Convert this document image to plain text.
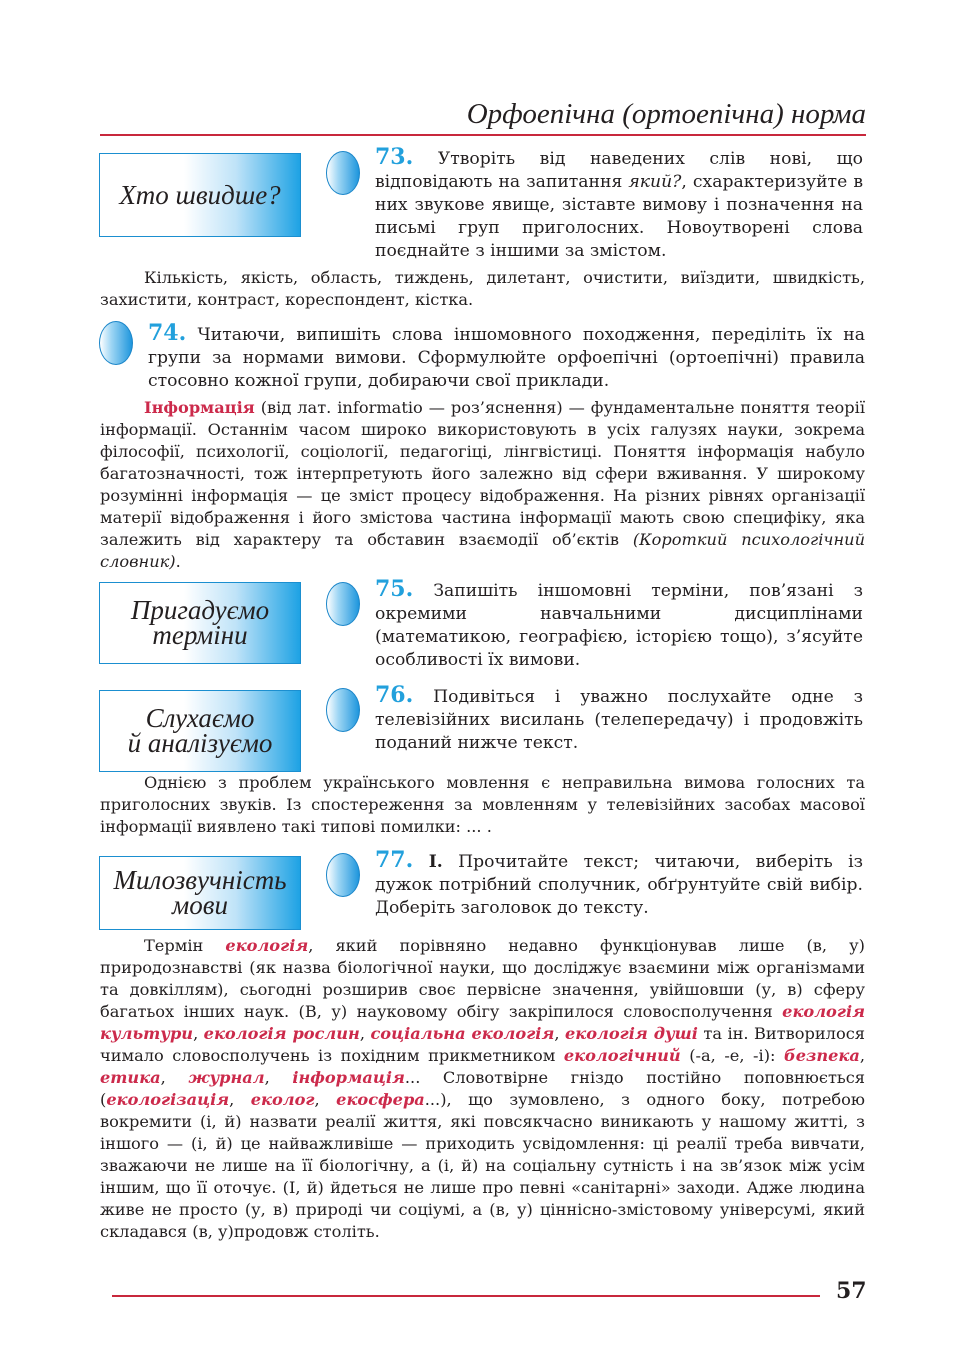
Орфоепічна (ортоепічна) норма
Хто швидше?
73. Утворіть від наведених слів нові, що відповідають на запитання який?, схарактеризуйте в них звукове явище, зіставте вимову і позначення на письмі груп приголосних. Новоутворені слова поєднайте з іншими за змістом.

Кількість, якість, область, тиждень, дилетант, очистити, виїздити, швидкість, захистити, контраст, кореспондент, кістка.

74. Читаючи, випишіть слова іншомовного походження, переділіть їх на групи за нормами вимови. Сформулюйте орфоепічні (ортоепічні) правила стосовно кожної групи, добираючи свої приклади.

Інформація (від лат. informatio — роз’яснення) — фундаментальне поняття теорії інформації. Останнім часом широко використовують в усіх галузях науки, зокрема філософії, психології, соціології, педагогіці, лінгвістиці. Поняття інформація набуло багатозначності, тож інтерпретують його залежно від сфери вживання. У широкому розумінні інформація — це зміст процесу відображення. На різних рівнях організації матерії відображення і його змістова частина інформації мають свою специфіку, яка залежить від характеру та обставин взаємодії об’єктів (Короткий психологічний словник).

Пригадуємо
терміни
75. Запишіть іншомовні терміни, пов’язані з окремими навчальними дисциплінами (математикою, географією, історією тощо), з’ясуйте особливості їх вимови.
Слухаємо
й аналізуємо
76. Подивіться і уважно послухайте одне з телевізійних висилань (телепередачу) і продовжіть поданий нижче текст.

Однією з проблем українського мовлення є неправильна вимова голосних та приголосних звуків. Із спостереження за мовленням у телевізійних засобах масової інформації виявлено такі типові помилки: ... .

Милозвучність
мови
77. I. Прочитайте текст; читаючи, виберіть із дужок потрібний сполучник, обґрунтуйте свій вибір. Доберіть заголовок до тексту.

Термін екологія, який порівняно недавно функціонував лише (в, у) природознавстві (як назва біологічної науки, що досліджує взаємини між організмами та довкіллям), сьогодні розширив своє первісне значення, увійшовши (у, в) сферу багатьох інших наук. (В, у) науковому обігу закріпилося словосполучення екологія культури, екологія рослин, соціальна екологія, екологія душі та ін. Витворилося чимало словосполучень із похідним прикметником екологічний (-а, -е, -і): безпека, етика, журнал, інформація... Словотвірне гніздо постійно поповнюється (екологізація, еколог, екосфера...), що зумовлено, з одного боку, потребою вокремити (і, й) назвати реалії життя, які повсякчасно виникають у нашому житті, з іншого — (і, й) це найважливіше — приходить усвідомлення: ці реалії треба вивчати, зважаючи не лише на її біологічну, а (і, й) на соціальну сутність і на зв’язок між усім іншим, що її оточує. (І, й) йдеться не лише про певні «санітарні» заходи. Адже людина живе не просто (у, в) природі чи соціумі, а (в, у) ціннісно-змістовому універсумі, який складався (в, у)продовж століть.

57
